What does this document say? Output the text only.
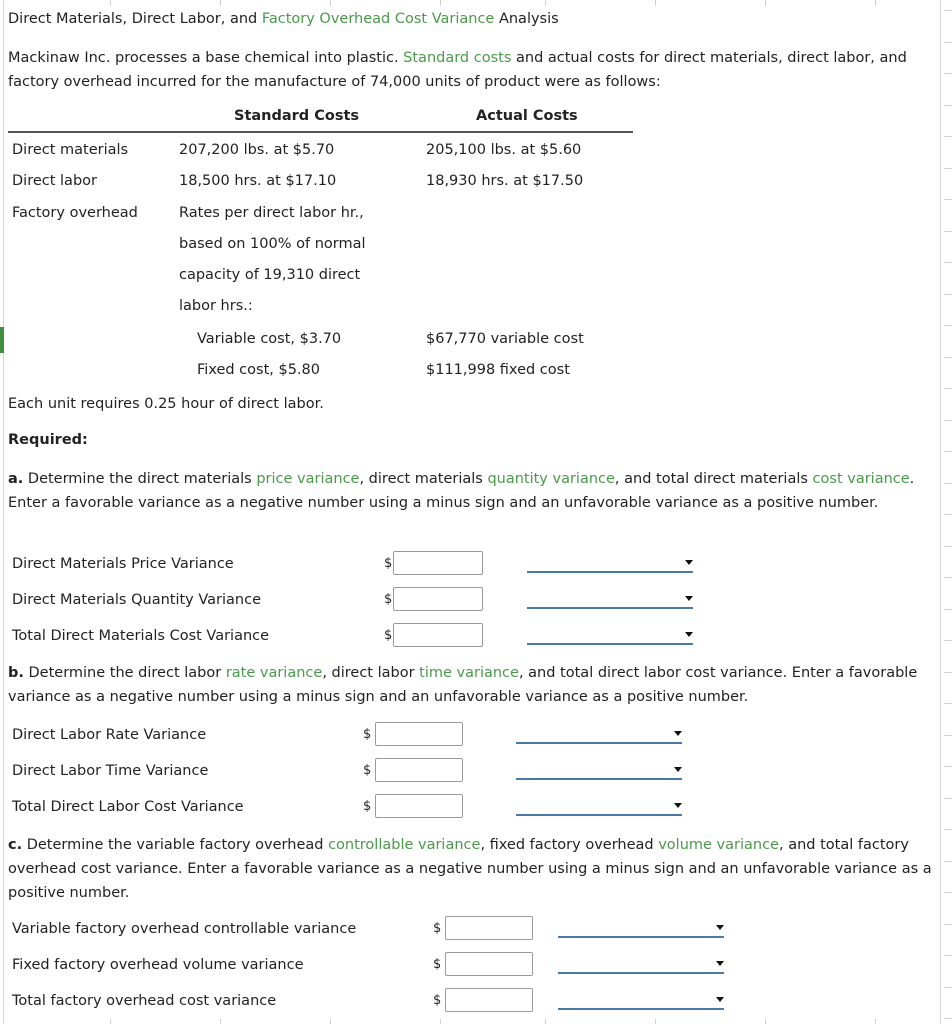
Direct Materials, Direct Labor, and Factory Overhead Cost Variance Analysis
Mackinaw Inc. processes a base chemical into plastic. Standard costs and actual costs for direct materials, direct labor, and factory overhead incurred for the manufacture of 74,000 units of product were as follows:
Standard Costs	Actual Costs
Direct materials	207,200 lbs. at $5.70	205,100 lbs. at $5.60
Direct labor	18,500 hrs. at $17.10	18,930 hrs. at $17.50
Factory overhead	Rates per direct labor hr.,
based on 100% of normal
capacity of 19,310 direct
labor hrs.:
Variable cost, $3.70	$67,770 variable cost
Fixed cost, $5.80	$111,998 fixed cost
Each unit requires 0.25 hour of direct labor.
Required:
a. Determine the direct materials price variance, direct materials quantity variance, and total direct materials cost variance. Enter a favorable variance as a negative number using a minus sign and an unfavorable variance as a positive number.
Direct Materials Price Variance	$
Direct Materials Quantity Variance	$
Total Direct Materials Cost Variance	$
b. Determine the direct labor rate variance, direct labor time variance, and total direct labor cost variance. Enter a favorable variance as a negative number using a minus sign and an unfavorable variance as a positive number.
Direct Labor Rate Variance	$
Direct Labor Time Variance	$
Total Direct Labor Cost Variance	$
c. Determine the variable factory overhead controllable variance, fixed factory overhead volume variance, and total factory overhead cost variance. Enter a favorable variance as a negative number using a minus sign and an unfavorable variance as a positive number.
Variable factory overhead controllable variance	$
Fixed factory overhead volume variance	$
Total factory overhead cost variance	$
